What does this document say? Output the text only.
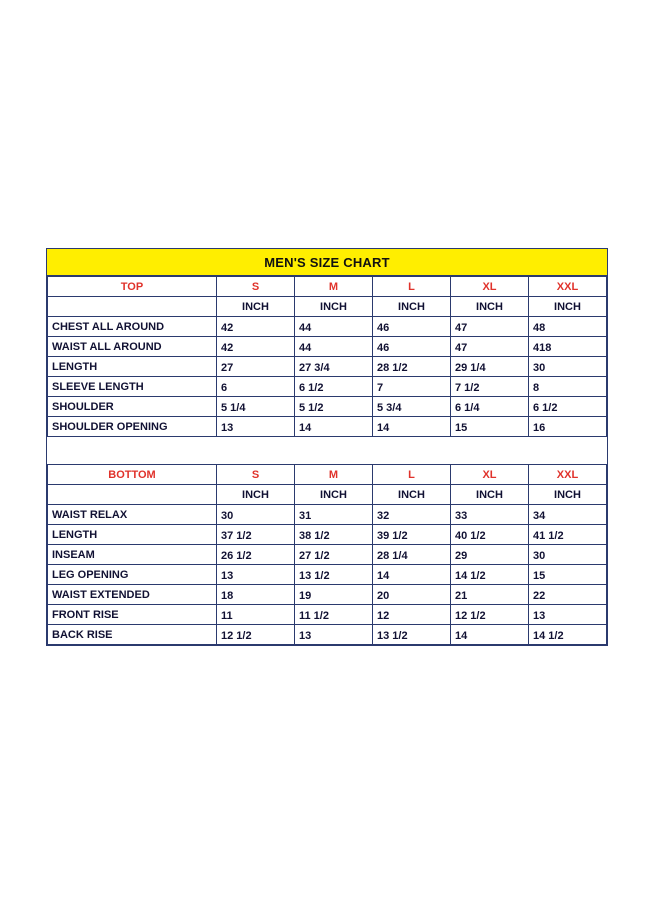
MEN'S SIZE CHART
TOP	S	M	L	XL	XXL
	INCH	INCH	INCH	INCH	INCH
CHEST ALL AROUND	42	44	46	47	48
WAIST ALL AROUND	42	44	46	47	418
LENGTH	27	27 3/4	28 1/2	29 1/4	30
SLEEVE LENGTH	6	6 1/2	7	7 1/2	8
SHOULDER	5 1/4	5 1/2	5 3/4	6 1/4	6 1/2
SHOULDER OPENING	13	14	14	15	16

BOTTOM	S	M	L	XL	XXL
	INCH	INCH	INCH	INCH	INCH
WAIST RELAX	30	31	32	33	34
LENGTH	37 1/2	38 1/2	39 1/2	40 1/2	41 1/2
INSEAM	26 1/2	27 1/2	28 1/4	29	30
LEG OPENING	13	13 1/2	14	14 1/2	15
WAIST EXTENDED	18	19	20	21	22
FRONT RISE	11	11 1/2	12	12 1/2	13
BACK RISE	12 1/2	13	13 1/2	14	14 1/2
